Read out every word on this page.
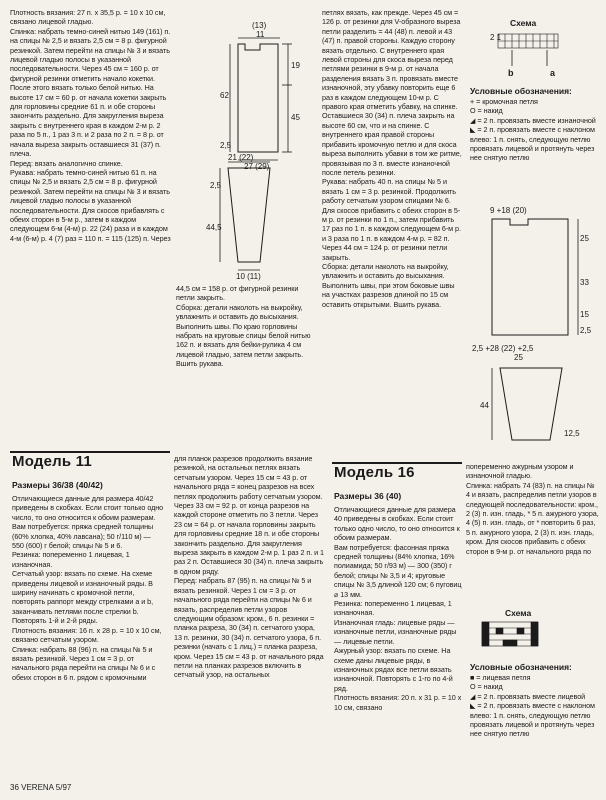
Плотность вязания: 27 п. х 35,5 р. = 10 х 10 см, связано лицевой гладью.
Спинка: набрать темно-синей нитью 149 (161) п. на спицы № 2,5 и вязать 2,5 см = 8 р. фигурной резинкой. Затем перейти на спицы № 3 и вязать лицевой гладью полосы в указанной последовательности. Через 45 см = 160 р. от фигурной резинки отметить начало кокетки. После этого вязать только белой нитью. На высоте 17 см = 60 р. от начала кокетки закрыть для горловины средние 61 п. и обе стороны закончить раздельно. Для закругления выреза закрыть с внутреннего края в каждом 2-м р. 2 раза по 5 п., 1 раз 3 п. и 2 раза по 2 п. = 8 р. от начала выреза закрыть оставшиеся 31 (37) п. плеча.
Перед: вязать аналогично спинке.
Рукава: набрать темно-синей нитью 61 п. на спицы № 2,5 и вязать 2,5 см = 8 р. фигурной резинкой. Затем перейти на спицы № 3 и вязать лицевой гладью полосы в указанной последовательности. Для скосов прибавлять с обеих сторон в 5-м р., затем в каждом следующем 6-м (4-м) р. 22 (24) раза и в каждом 4-м (6-м) р. 4 (7) раз = 110 п. = 115 (125) п. Через
(13)
11
19
45
62
2,5
27 (29)
21 (22)
2,5
44,5
10 (11)
44,5 см = 158 р. от фигурной резинки петли закрыть.
Сборка: детали наколоть на выкройку, увлажнить и оставить до высыхания. Выполнить швы. По краю горловины набрать на круговые спицы белой нитью 162 п. и вязать для бейки-рулика 4 см лицевой гладью, затем петли закрыть. Вшить рукава.
петлях вязать, как прежде. Через 45 см = 126 р. от резинки для V-образного выреза петли разделить = 44 (48) п. левой и 43 (47) п. правой стороны. Каждую сторону вязать отдельно. С внутреннего края левой стороны для скоса выреза перед петлями резинки в 9-м р. от начала разделения вязать 3 п. провязать вместе изнаночной, эту убавку повторить еще 6 раз в каждом следующем 10-м р. С правого края отметить убавку, на спинке. Оставшиеся 30 (34) п. плеча закрыть на высоте 60 см, что и на спинке. С внутреннего края правой стороны прибавить кромочную петлю и для скоса выреза выполнить убавки в том же ритме, провязывая по 3 п. вместе изнаночной после петель резинки.
Рукава: набрать 40 п. на спицы № 5 и вязать 1 см = 3 р. резинкой. Продолжить работу сетчатым узором спицами № 6. Для скосов прибавить с обеих сторон в 5-м р. от резинки по 1 п., затем прибавить 17 раз по 1 п. в каждом следующем 6-м р. и 3 раза по 1 п. в каждом 4-м р. = 82 п. Через 44 см = 124 р. от резинки петли закрыть.
Сборка: детали наколоть на выкройку, увлажнить и оставить до высыхания. Выполнить швы, при этом боковые швы на участках разрезов длиной по 15 см оставить открытыми. Вшить рукава.
Схема
2 1
b	a
Условные обозначения:
+ = кромочная петля
O = накид
◢ = 2 п. провязать вместе изнаночной
◣ = 2 п. провязать вместе с наклоном влево: 1 п. снять, следующую петлю провязать лицевой и протянуть через нее снятую петлю
9 +18 (20)
25
33
15
2,5
2,5 +28 (22) +2,5
25
44
12,5
Модель 11
Размеры 36/38 (40/42)
Отличающиеся данные для размера 40/42 приведены в скобках. Если стоит только одно число, то оно относится к обоим размерам.
Вам потребуется: пряжа средней толщины (60% хлопка, 40% лавсана); 50 г/110 м) — 550 (600) г белой; спицы № 5 и 6.
Резинка: попеременно 1 лицевая, 1 изнаночная.
Сетчатый узор: вязать по схеме. На схеме приведены лицевой и изнаночный ряды. В ширину начинать с кромочной петли, повторять раппорт между стрелками a и b, заканчивать петлями после стрелки b. Повторять 1-й и 2-й ряды.
Плотность вязания: 16 п. х 28 р. = 10 х 10 см, связано сетчатым узором.
Спинка: набрать 88 (96) п. на спицы № 5 и вязать резинкой. Через 1 см = 3 р. от начального ряда перейти на спицы № 6 и с обеих сторон в 6 п. рядом с кромочными
для планок разрезов продолжить вязание резинкой, на остальных петлях вязать сетчатым узором. Через 15 см = 43 р. от начального ряда = конец разрезов на всех петлях продолжить работу сетчатым узором. Через 33 см = 92 р. от конца разрезов на каждой стороне отметить по 3 петли. Через 23 см = 64 р. от начала горловины закрыть для горловины средние 18 п. и обе стороны закончить раздельно. Для закругления выреза закрыть в каждом 2-м р. 1 раз 2 п. и 1 раз 2 п. Оставшиеся 30 (34) п. плеча закрыть в одном ряду.
Перед: набрать 87 (95) п. на спицы № 5 и вязать резинкой. Через 1 см = 3 р. от начального ряда перейти на спицы № 6 и вязать, распределив петли узоров следующим образом: кром., 6 п. резинки = планка разреза, 30 (34) п. сетчатого узора, 13 п. резинки, 30 (34) п. сетчатого узора, 6 п. резинки (начать с 1 лиц.) = планка разреза, кром. Через 15 см = 43 р. от начального ряда петли на планках разрезов включить в сетчатый узор, на остальных
Модель 16
Размеры 36 (40)
Отличающиеся данные для размера 40 приведены в скобках. Если стоит только одно число, то оно относится к обоим размерам.
Вам потребуется: фасонная пряжа средней толщины (84% хлопка, 16% полиамида; 50 г/93 м) — 300 (350) г белой; спицы № 3,5 и 4; круговые спицы № 3,5 длиной 120 см; 6 пуговиц ⌀ 13 мм.
Резинка: попеременно 1 лицевая, 1 изнаночная.
Изнаночная гладь: лицевые ряды — изнаночные петли, изнаночные ряды — лицевые петли.
Ажурный узор: вязать по схеме. На схеме даны лицевые ряды, в изнаночных рядах все петли вязать изнаночной. Повторять с 1-го по 4-й ряд.
Плотность вязания: 20 п. х 31 р. = 10 х 10 см, связано
попеременно ажурным узором и изнаночной гладью.
Спинка: набрать 74 (83) п. на спицы № 4 и вязать, распределив петли узоров в следующей последовательности: кром., 2 (3) п. изн. гладь, * 5 п. ажурного узора, 4 (5) п. изн. гладь, от * повторить 6 раз, 5 п. ажурного узора, 2 (3) п. изн. гладь, кром. Для скосов прибавить с обеих сторон в 9-м р. от начального ряда по
Схема
Условные обозначения:
■ = лицевая петля
O = накид
◢ = 2 п. провязать вместе лицевой
◣ = 2 п. провязать вместе с наклоном влево: 1 п. снять, следующую петлю провязать лицевой и протянуть через нее снятую петлю
36 VERENA 5/97
